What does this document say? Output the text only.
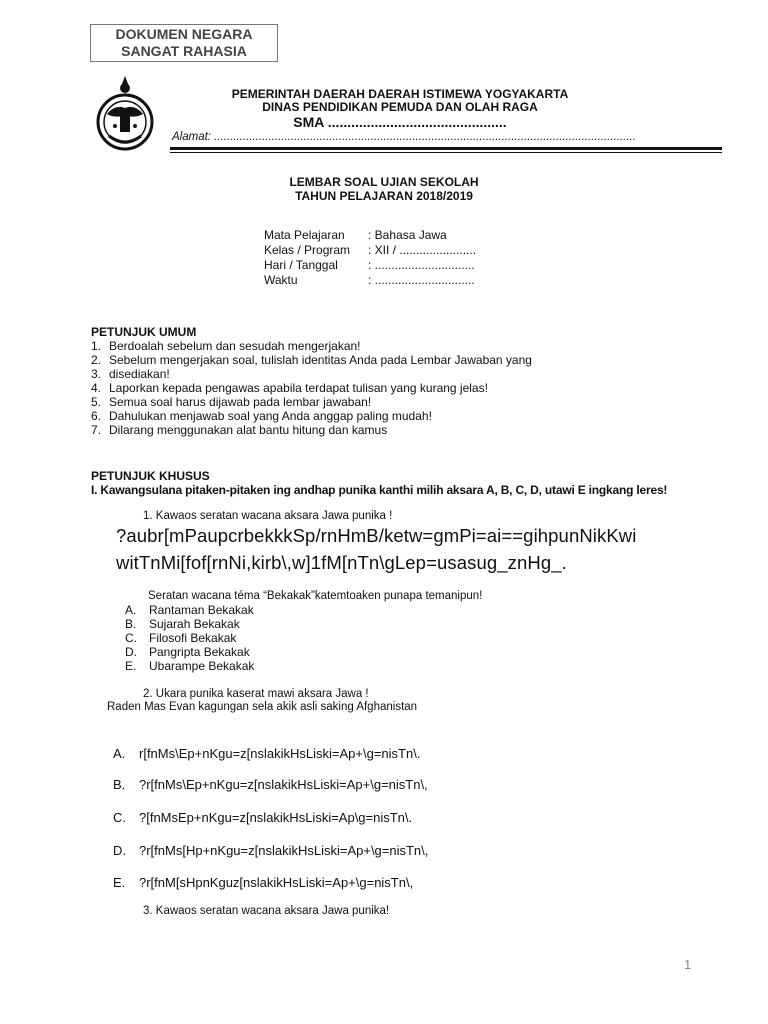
DOKUMEN NEGARA
SANGAT RAHASIA
PEMERINTAH DAERAH DAERAH ISTIMEWA YOGYAKARTA
DINAS PENDIDIKAN PEMUDA DAN OLAH RAGA
SMA ..............................................
Alamat: ....................................................................................................................................
LEMBAR SOAL UJIAN SEKOLAH
TAHUN PELAJARAN 2018/2019
Mata Pelajaran : Bahasa Jawa
Kelas / Program : XII / .......................
Hari / Tanggal	: ..............................
Waktu	: ..............................
PETUNJUK UMUM
1. Berdoalah sebelum dan sesudah mengerjakan!
2. Sebelum mengerjakan soal, tulislah identitas Anda pada Lembar Jawaban yang
3. disediakan!
4. Laporkan kepada pengawas apabila terdapat tulisan yang kurang jelas!
5. Semua soal harus dijawab pada lembar jawaban!
6. Dahulukan menjawab soal yang Anda anggap paling mudah!
7. Dilarang menggunakan alat bantu hitung dan kamus
PETUNJUK KHUSUS
I. Kawangsulana pitaken-pitaken ing andhap punika kanthi milih aksara A, B, C, D, utawi E ingkang leres!
1. Kawaos seratan wacana aksara Jawa punika !
?aubr[mPaupcrbekkkSp/rnHmB/ketw=gmPi=ai==gihpunNikKwi
witTnMi[fof[rnNi,kirb\,w]1fM[nTn\gLep=usasug_znHg_.
Seratan wacana téma “Bekakak”katemtoaken punapa temanipun!
A. Rantaman Bekakak
B. Sujarah Bekakak
C. Filosofi Bekakak
D. Pangripta Bekakak
E. Ubarampe Bekakak
2. Ukara punika kaserat mawi aksara Jawa !
Raden Mas Evan kagungan sela akik asli saking Afghanistan
A. r[fnMs\Ep+nKgu=z[nslakikHsLiski=Ap+\g=nisTn\.
B. ?r[fnMs\Ep+nKgu=z[nslakikHsLiski=Ap+\g=nisTn\,
C. ?[fnMsEp+nKgu=z[nslakikHsLiski=Ap\g=nisTn\.
D. ?r[fnMs[Hp+nKgu=z[nslakikHsLiski=Ap+\g=nisTn\,
E. ?r[fnM[sHpnKguz[nslakikHsLiski=Ap+\g=nisTn\,
3. Kawaos seratan wacana aksara Jawa punika!
1
